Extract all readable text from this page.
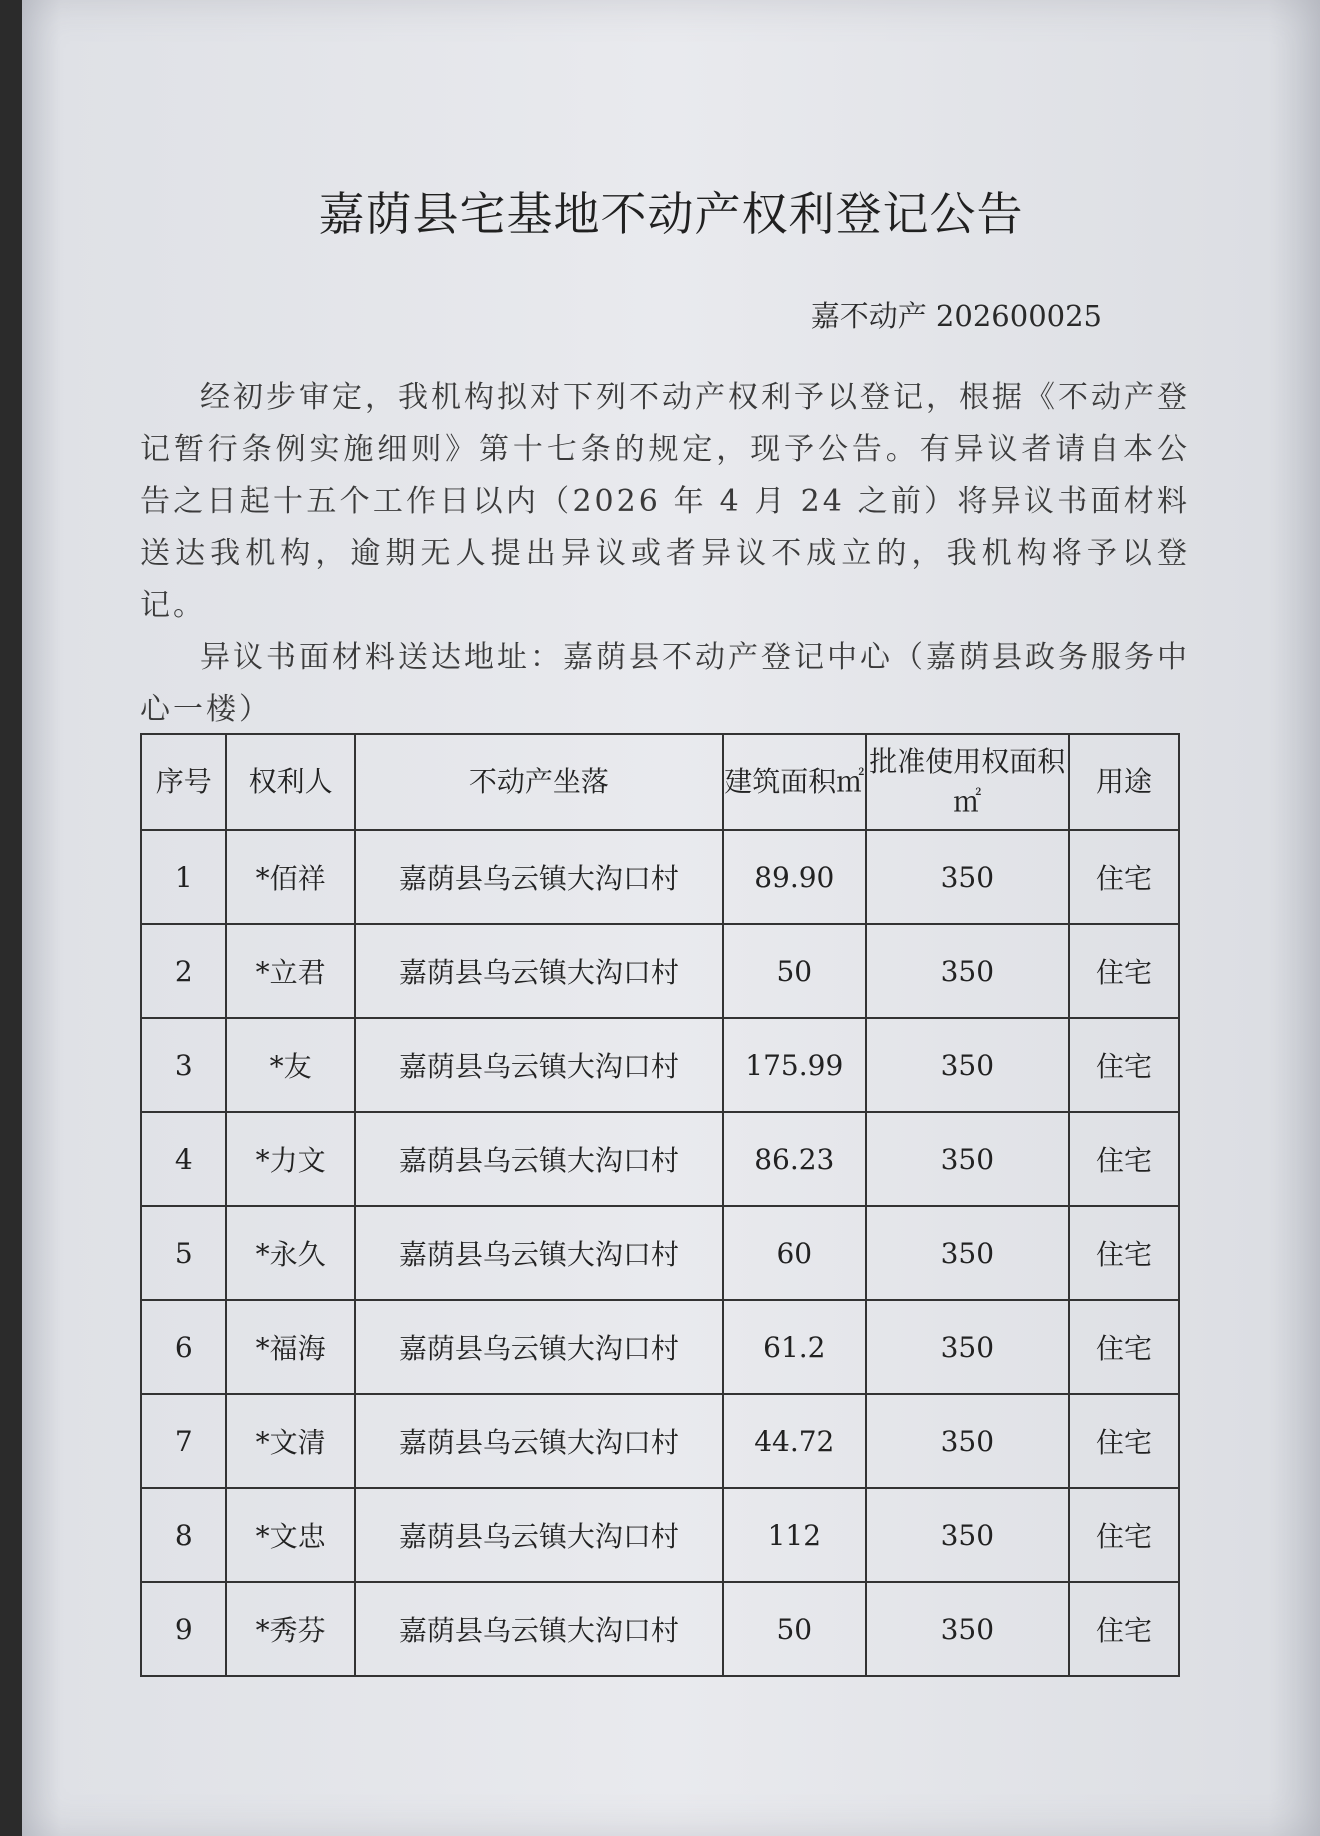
嘉荫县宅基地不动产权利登记公告
嘉不动产 202600025

经初步审定，我机构拟对下列不动产权利予以登记，根据《不动产登记暂行条例实施细则》第十七条的规定，现予公告。有异议者请自本公告之日起十五个工作日以内（2026 年 4 月 24 之前）将异议书面材料送达我机构，逾期无人提出异议或者异议不成立的，我机构将予以登记。

异议书面材料送达地址：嘉荫县不动产登记中心（嘉荫县政务服务中心一楼）

序号	权利人	不动产坐落	建筑面积㎡	批准使用权面积㎡	用途
1	*佰祥	嘉荫县乌云镇大沟口村	89.90	350	住宅
2	*立君	嘉荫县乌云镇大沟口村	50	350	住宅
3	*友	嘉荫县乌云镇大沟口村	175.99	350	住宅
4	*力文	嘉荫县乌云镇大沟口村	86.23	350	住宅
5	*永久	嘉荫县乌云镇大沟口村	60	350	住宅
6	*福海	嘉荫县乌云镇大沟口村	61.2	350	住宅
7	*文清	嘉荫县乌云镇大沟口村	44.72	350	住宅
8	*文忠	嘉荫县乌云镇大沟口村	112	350	住宅
9	*秀芬	嘉荫县乌云镇大沟口村	50	350	住宅
